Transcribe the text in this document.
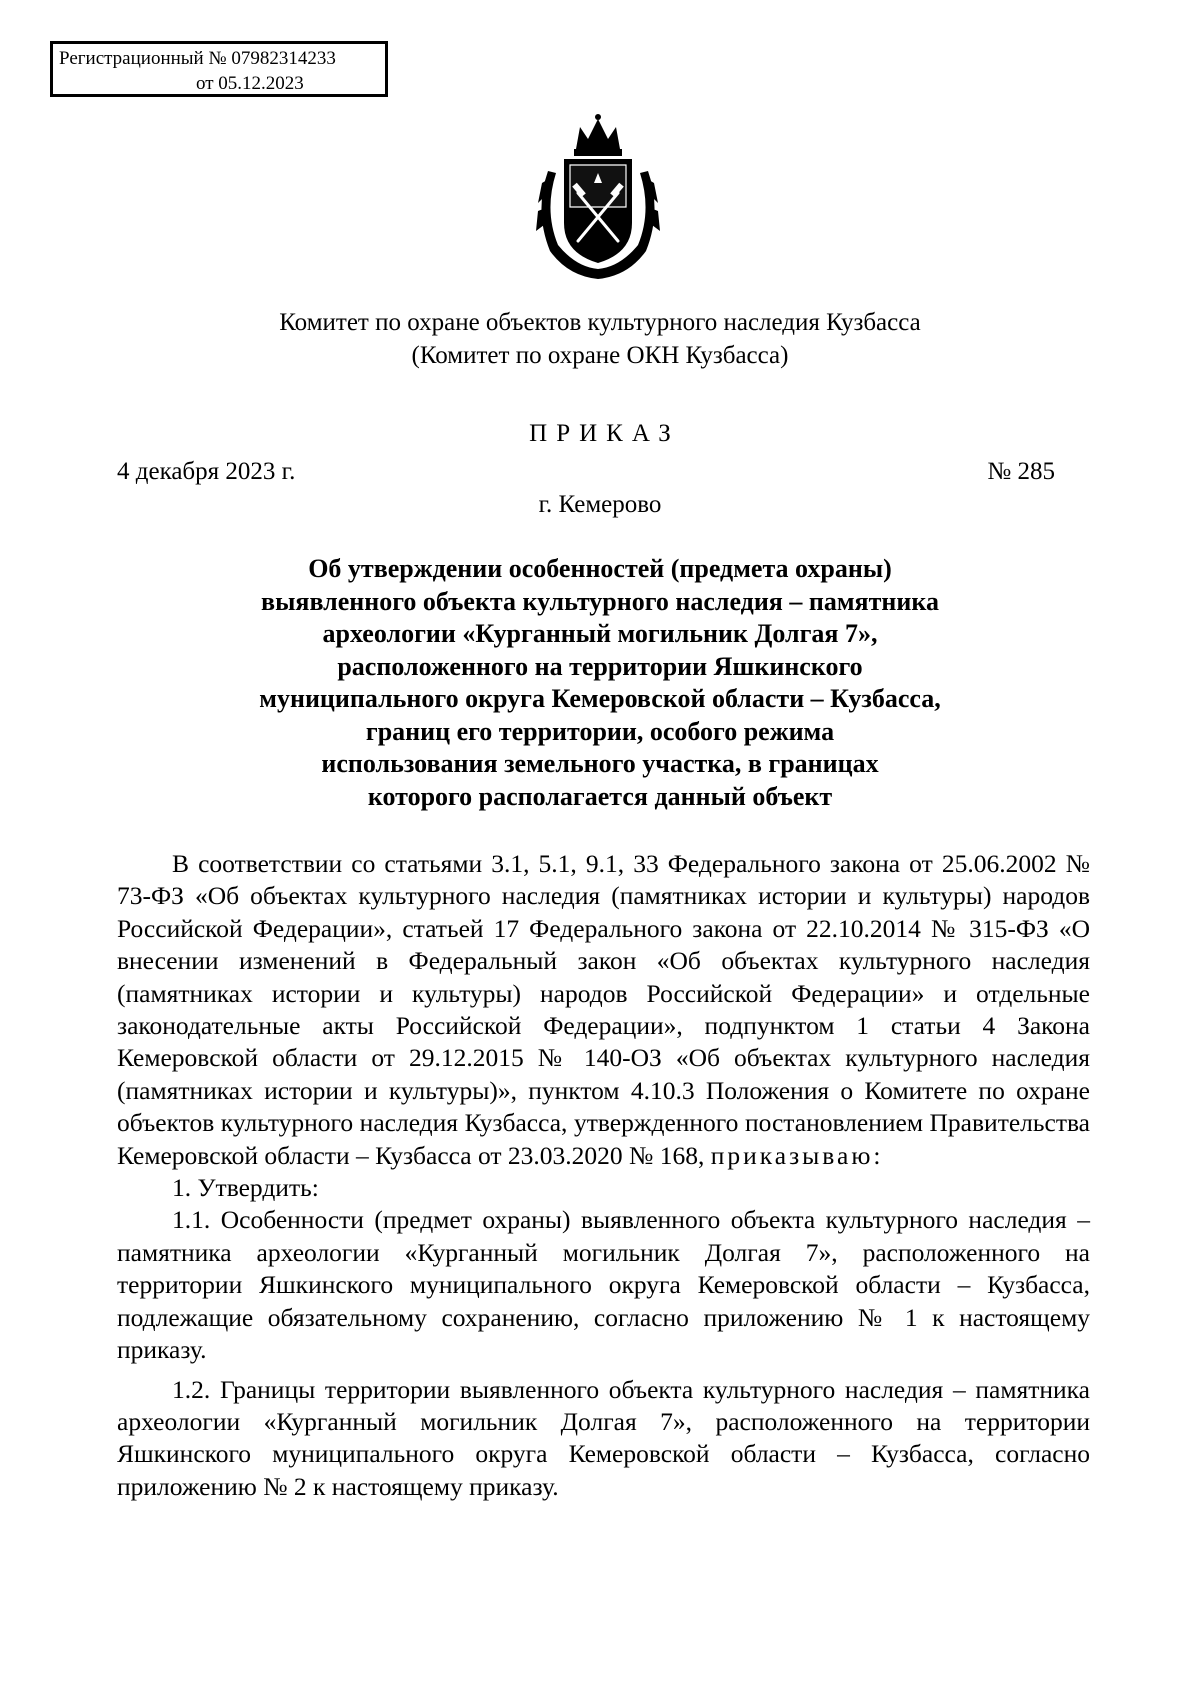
Регистрационный № 07982314233
от 05.12.2023
Комитет по охране объектов культурного наследия Кузбасса
(Комитет по охране ОКН Кузбасса)
ПРИКАЗ
4 декабря 2023 г.	№ 285
г. Кемерово
Об утверждении особенностей (предмета охраны)
выявленного объекта культурного наследия – памятника
археологии «Курганный могильник Долгая 7»,
расположенного на территории Яшкинского
муниципального округа Кемеровской области – Кузбасса,
границ его территории, особого режима
использования земельного участка, в границах
которого располагается данный объект

В соответствии со статьями 3.1, 5.1, 9.1, 33 Федерального закона от 25.06.2002 № 73-ФЗ «Об объектах культурного наследия (памятниках истории и культуры) народов Российской Федерации», статьей 17 Федерального закона от 22.10.2014 № 315-ФЗ «О внесении изменений в Федеральный закон «Об объектах культурного наследия (памятниках истории и культуры) народов Российской Федерации» и отдельные законодательные акты Российской Федерации», подпунктом 1 статьи 4 Закона Кемеровской области от 29.12.2015 № 140-ОЗ «Об объектах культурного наследия (памятниках истории и культуры)», пунктом 4.10.3 Положения о Комитете по охране объектов культурного наследия Кузбасса, утвержденного постановлением Правительства Кемеровской области – Кузбасса от 23.03.2020 № 168, приказываю:

1. Утвердить:

1.1. Особенности (предмет охраны) выявленного объекта культурного наследия – памятника археологии «Курганный могильник Долгая 7», расположенного на территории Яшкинского муниципального округа Кемеровской области – Кузбасса, подлежащие обязательному сохранению, согласно приложению № 1 к настоящему приказу.

1.2. Границы территории выявленного объекта культурного наследия – памятника археологии «Курганный могильник Долгая 7», расположенного на территории Яшкинского муниципального округа Кемеровской области – Кузбасса, согласно приложению № 2 к настоящему приказу.
